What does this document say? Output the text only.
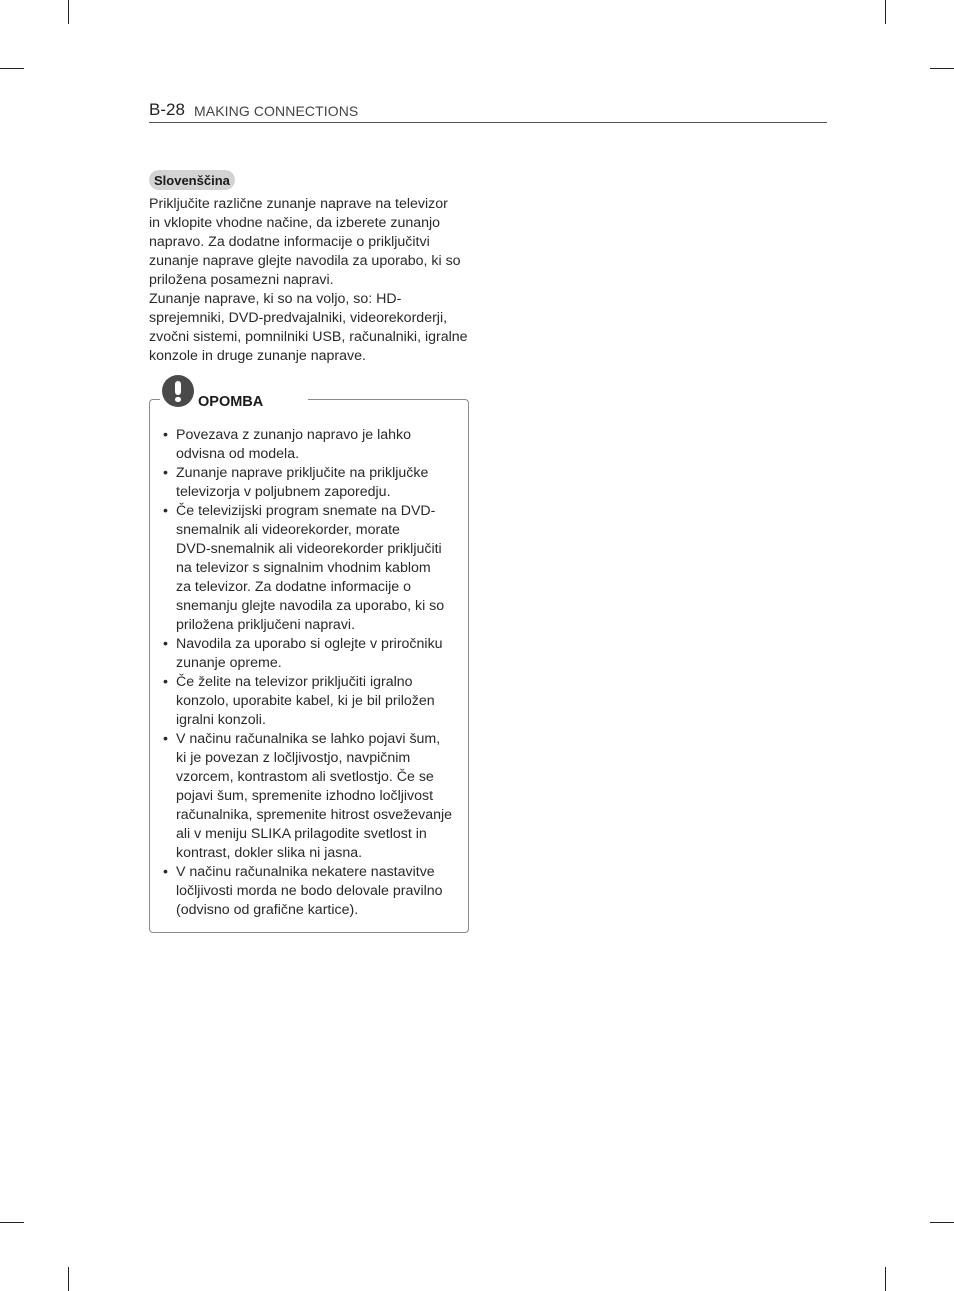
B-28 MAKING CONNECTIONS
Slovenščina

Priključite različne zunanje naprave na televizor
in vklopite vhodne načine, da izberete zunanjo
napravo. Za dodatne informacije o priključitvi
zunanje naprave glejte navodila za uporabo, ki so
priložena posamezni napravi.

Zunanje naprave, ki so na voljo, so: HD-
sprejemniki, DVD-predvajalniki, videorekorderji,
zvočni sistemi, pomnilniki USB, računalniki, igralne
konzole in druge zunanje naprave.

OPOMBA
• Povezava z zunanjo napravo je lahko
odvisna od modela.
• Zunanje naprave priključite na priključke
televizorja v poljubnem zaporedju.
• Če televizijski program snemate na DVD-
snemalnik ali videorekorder, morate
DVD-snemalnik ali videorekorder priključiti
na televizor s signalnim vhodnim kablom
za televizor. Za dodatne informacije o
snemanju glejte navodila za uporabo, ki so
priložena priključeni napravi.
• Navodila za uporabo si oglejte v priročniku
zunanje opreme.
• Če želite na televizor priključiti igralno
konzolo, uporabite kabel, ki je bil priložen
igralni konzoli.
• V načinu računalnika se lahko pojavi šum,
ki je povezan z ločljivostjo, navpičnim
vzorcem, kontrastom ali svetlostjo. Če se
pojavi šum, spremenite izhodno ločljivost
računalnika, spremenite hitrost osveževanje
ali v meniju SLIKA prilagodite svetlost in
kontrast, dokler slika ni jasna.
• V načinu računalnika nekatere nastavitve
ločljivosti morda ne bodo delovale pravilno
(odvisno od grafične kartice).
